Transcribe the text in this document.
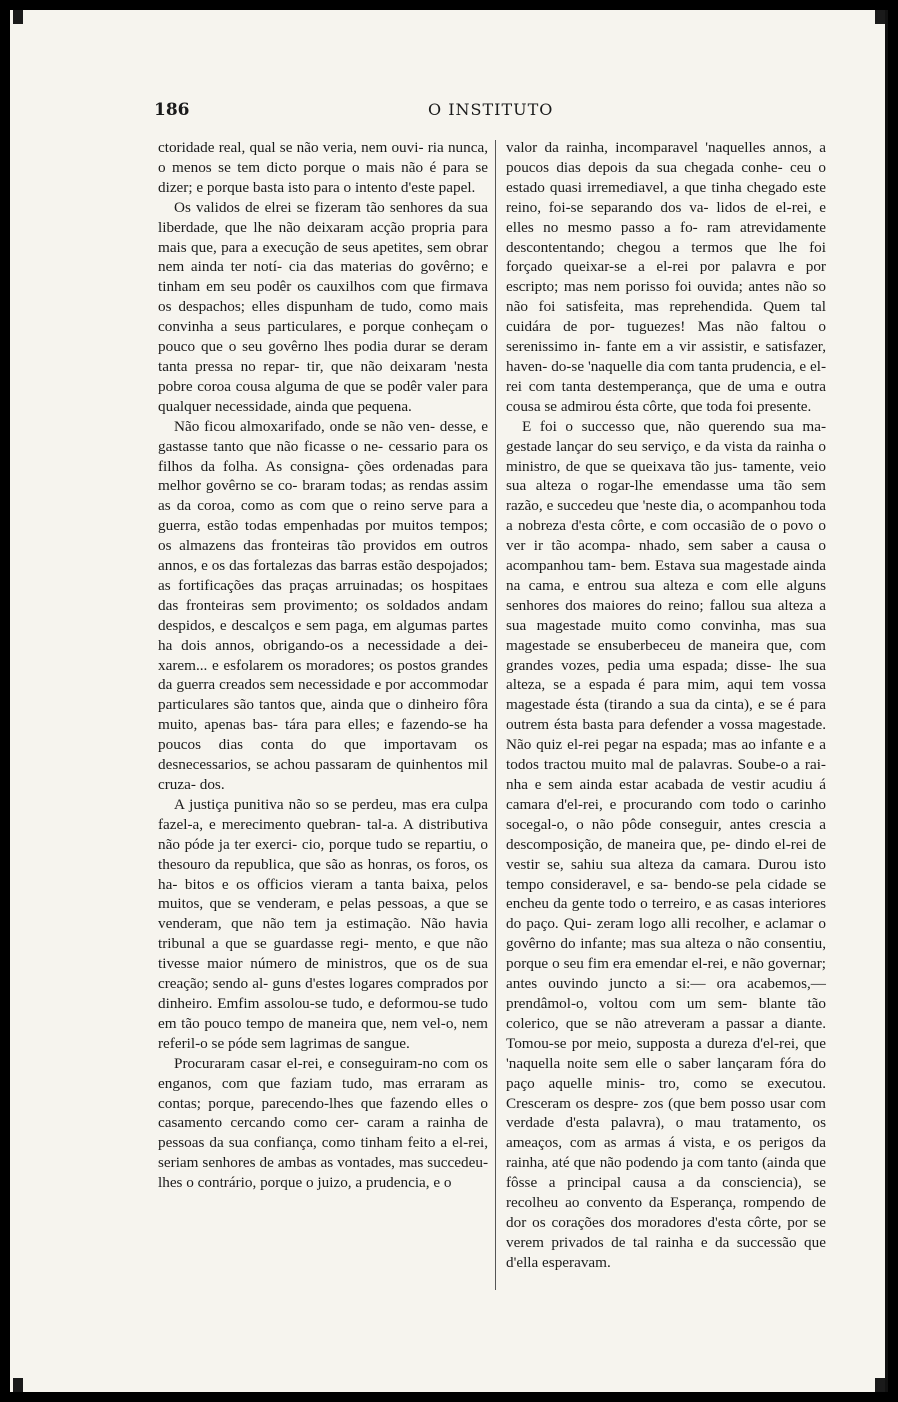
186	O INSTITUTO

ctoridade real, qual se não veria, nem ouvi- ria nunca, o menos se tem dicto porque o mais não é para se dizer; e porque basta isto para o intento d'este papel.

Os validos de elrei se fizeram tão senhores da sua liberdade, que lhe não deixaram acção propria para mais que, para a execução de seus apetites, sem obrar nem ainda ter notí- cia das materias do govêrno; e tinham em seu podêr os cauxilhos com que firmava os despachos; elles dispunham de tudo, como mais convinha a seus particulares, e porque conheçam o pouco que o seu govêrno lhes podia durar se deram tanta pressa no repar- tir, que não deixaram 'nesta pobre coroa cousa alguma de que se podêr valer para qualquer necessidade, ainda que pequena.

Não ficou almoxarifado, onde se não ven- desse, e gastasse tanto que não ficasse o ne- cessario para os filhos da folha. As consigna- ções ordenadas para melhor govêrno se co- braram todas; as rendas assim as da coroa, como as com que o reino serve para a guerra, estão todas empenhadas por muitos tempos; os almazens das fronteiras tão providos em outros annos, e os das fortalezas das barras estão despojados; as fortificações das praças arruinadas; os hospitaes das fronteiras sem provimento; os soldados andam despidos, e descalços e sem paga, em algumas partes ha dois annos, obrigando-os a necessidade a dei- xarem... e esfolarem os moradores; os postos grandes da guerra creados sem necessidade e por accommodar particulares são tantos que, ainda que o dinheiro fôra muito, apenas bas- tára para elles; e fazendo-se ha poucos dias conta do que importavam os desnecessarios, se achou passaram de quinhentos mil cruza- dos.

A justiça punitiva não so se perdeu, mas era culpa fazel-a, e merecimento quebran- tal-a. A distributiva não póde ja ter exerci- cio, porque tudo se repartiu, o thesouro da republica, que são as honras, os foros, os ha- bitos e os officios vieram a tanta baixa, pelos muitos, que se venderam, e pelas pessoas, a que se venderam, que não tem ja estimação. Não havia tribunal a que se guardasse regi- mento, e que não tivesse maior número de ministros, que os de sua creação; sendo al- guns d'estes logares comprados por dinheiro. Emfim assolou-se tudo, e deformou-se tudo em tão pouco tempo de maneira que, nem vel-o, nem referil-o se póde sem lagrimas de sangue.

Procuraram casar el-rei, e conseguiram-no com os enganos, com que faziam tudo, mas erraram as contas; porque, parecendo-lhes que fazendo elles o casamento cercando como cer- caram a rainha de pessoas da sua confiança, como tinham feito a el-rei, seriam senhores de ambas as vontades, mas succedeu-lhes o contrário, porque o juizo, a prudencia, e o

valor da rainha, incomparavel 'naquelles annos, a poucos dias depois da sua chegada conhe- ceu o estado quasi irremediavel, a que tinha chegado este reino, foi-se separando dos va- lidos de el-rei, e elles no mesmo passo a fo- ram atrevidamente descontentando; chegou a termos que lhe foi forçado queixar-se a el-rei por palavra e por escripto; mas nem porisso foi ouvida; antes não so não foi satisfeita, mas reprehendida. Quem tal cuidára de por- tuguezes! Mas não faltou o serenissimo in- fante em a vir assistir, e satisfazer, haven- do-se 'naquelle dia com tanta prudencia, e el-rei com tanta destemperança, que de uma e outra cousa se admirou ésta côrte, que toda foi presente.

E foi o successo que, não querendo sua ma- gestade lançar do seu serviço, e da vista da rainha o ministro, de que se queixava tão jus- tamente, veio sua alteza o rogar-lhe emendasse uma tão sem razão, e succedeu que 'neste dia, o acompanhou toda a nobreza d'esta côrte, e com occasião de o povo o ver ir tão acompa- nhado, sem saber a causa o acompanhou tam- bem. Estava sua magestade ainda na cama, e entrou sua alteza e com elle alguns senhores dos maiores do reino; fallou sua alteza a sua magestade muito como convinha, mas sua magestade se ensuberbeceu de maneira que, com grandes vozes, pedia uma espada; disse- lhe sua alteza, se a espada é para mim, aqui tem vossa magestade ésta (tirando a sua da cinta), e se é para outrem ésta basta para defender a vossa magestade. Não quiz el-rei pegar na espada; mas ao infante e a todos tractou muito mal de palavras. Soube-o a rai- nha e sem ainda estar acabada de vestir acudiu á camara d'el-rei, e procurando com todo o carinho socegal-o, o não pôde conseguir, antes crescia a descomposição, de maneira que, pe- dindo el-rei de vestir se, sahiu sua alteza da camara. Durou isto tempo consideravel, e sa- bendo-se pela cidade se encheu da gente todo o terreiro, e as casas interiores do paço. Qui- zeram logo alli recolher, e aclamar o govêrno do infante; mas sua alteza o não consentiu, porque o seu fim era emendar el-rei, e não governar; antes ouvindo juncto a si:— ora acabemos,—prendâmol-o, voltou com um sem- blante tão colerico, que se não atreveram a passar a diante. Tomou-se por meio, supposta a dureza d'el-rei, que 'naquella noite sem elle o saber lançaram fóra do paço aquelle minis- tro, como se executou. Cresceram os despre- zos (que bem posso usar com verdade d'esta palavra), o mau tratamento, os ameaços, com as armas á vista, e os perigos da rainha, até que não podendo ja com tanto (ainda que fôsse a principal causa a da consciencia), se recolheu ao convento da Esperança, rompendo de dor os corações dos moradores d'esta côrte, por se verem privados de tal rainha e da successão que d'ella esperavam.
